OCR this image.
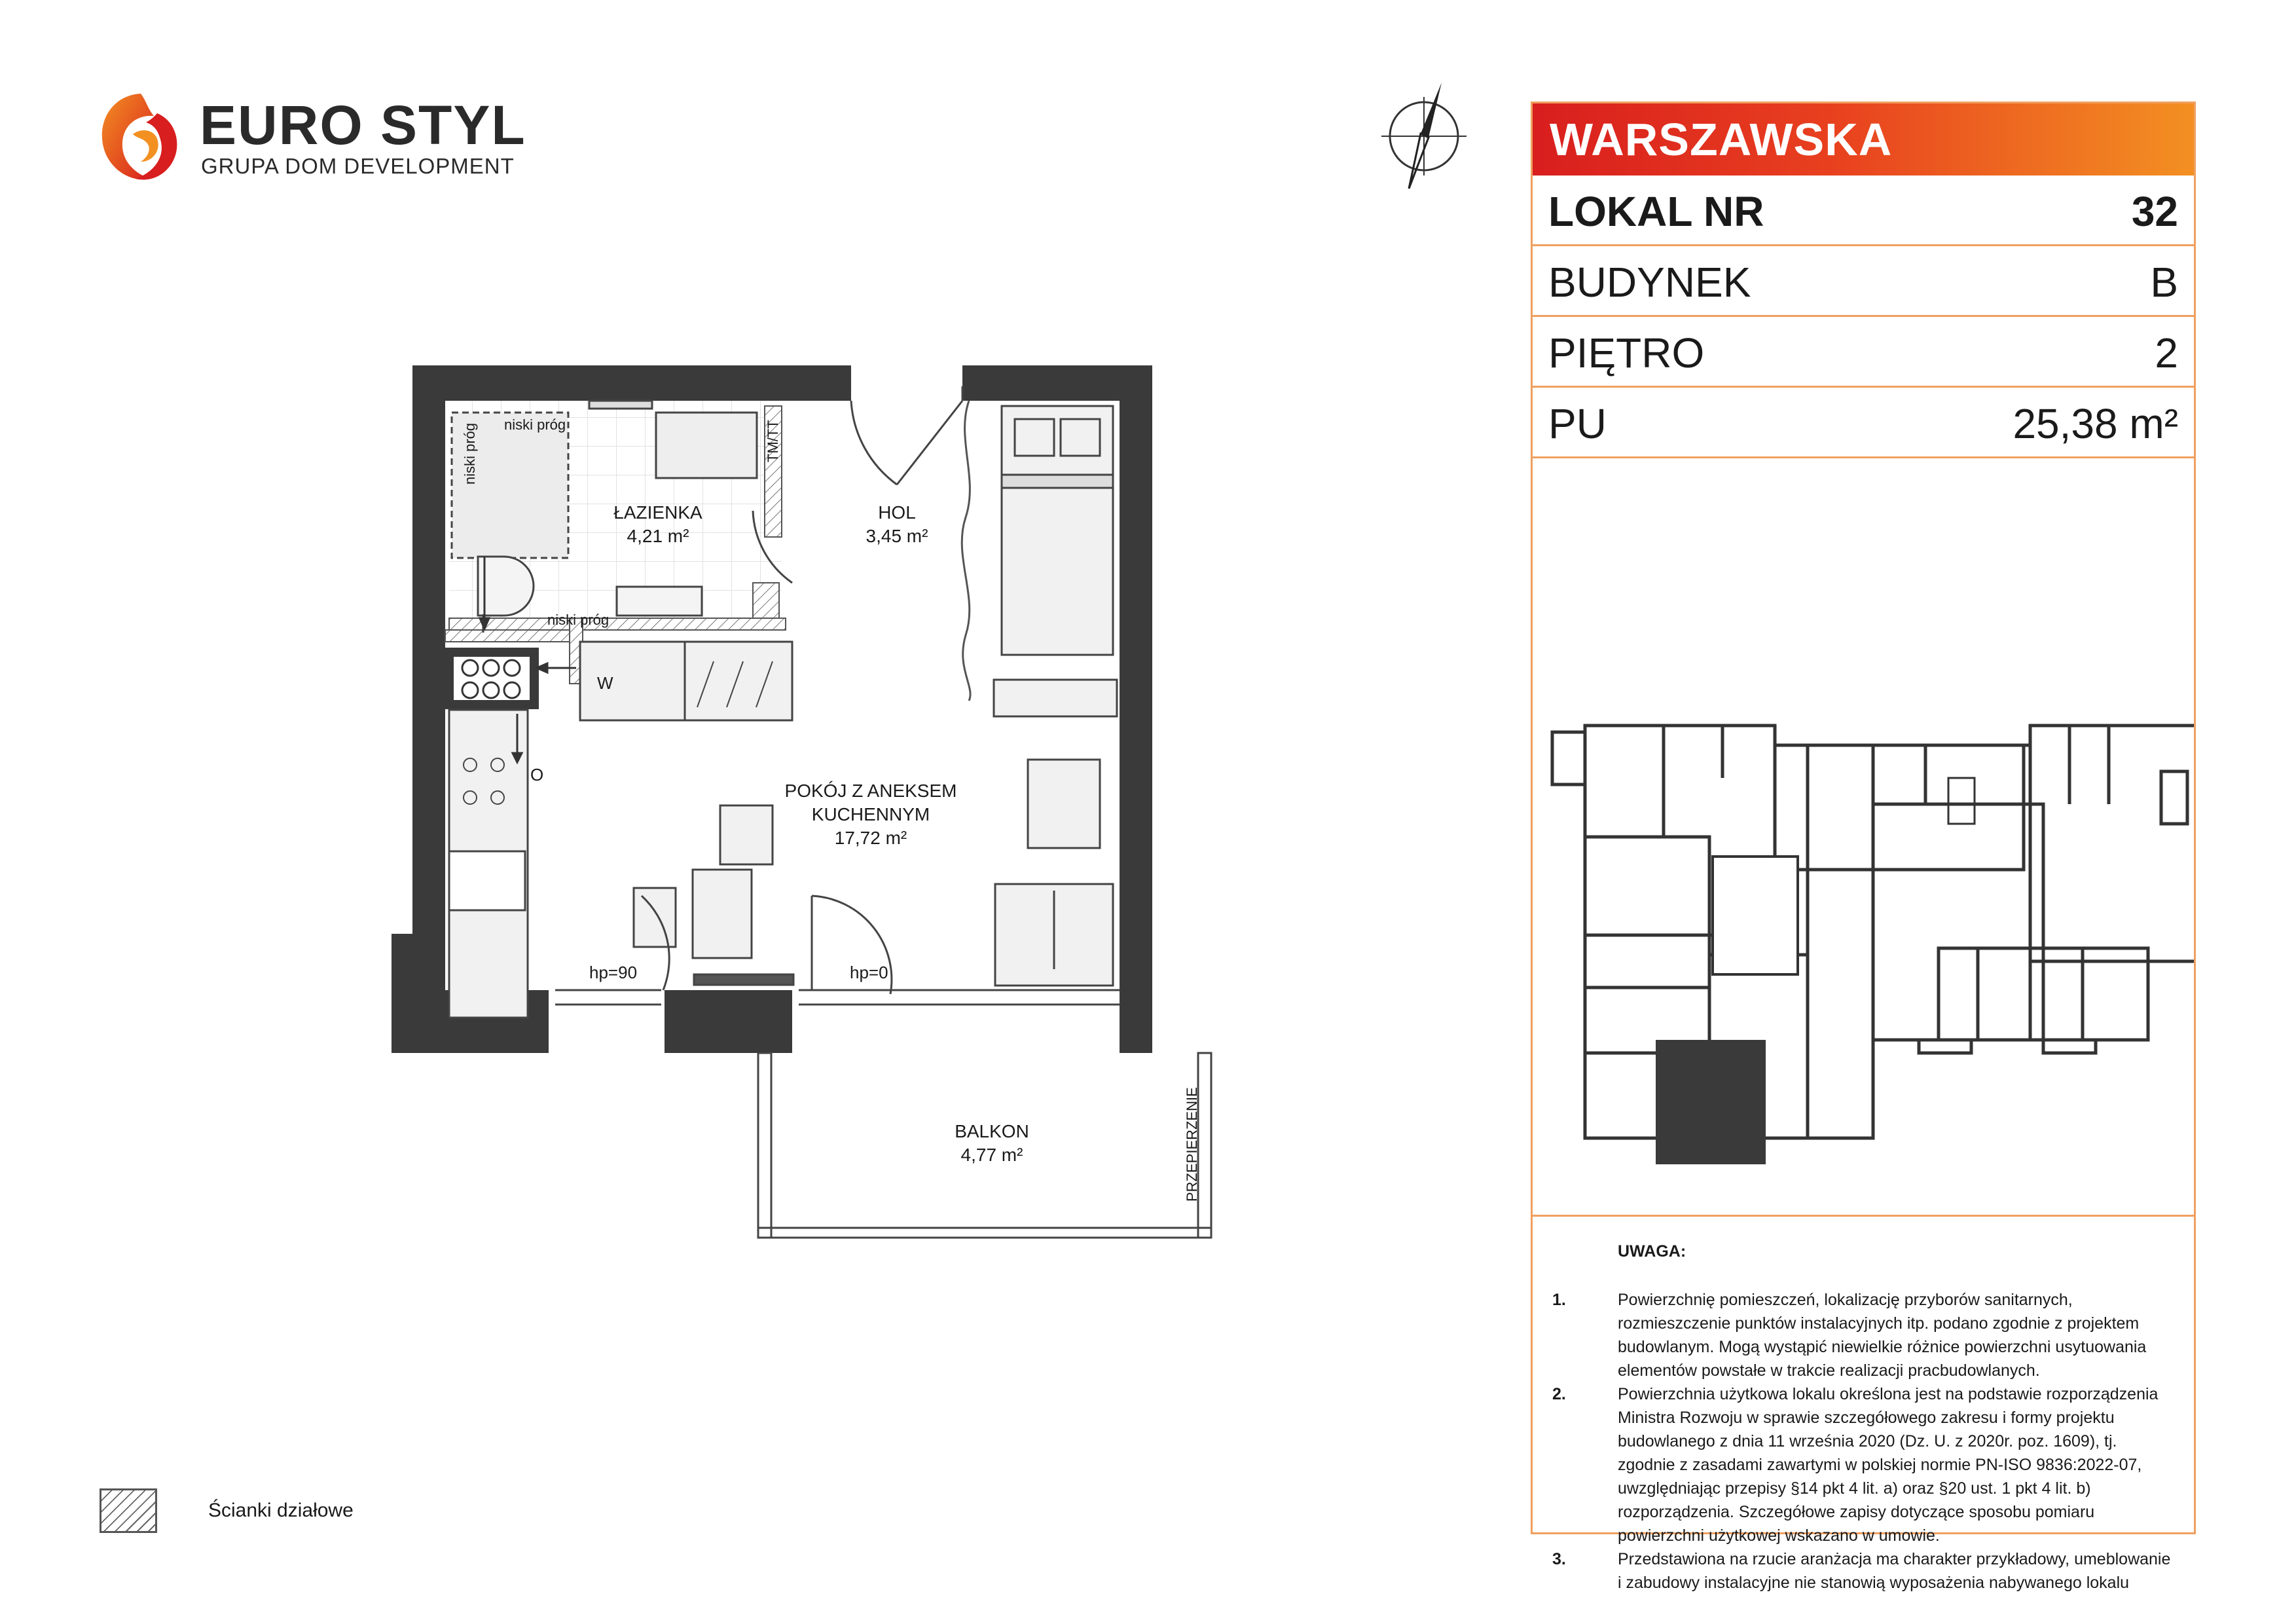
EURO STYL
GRUPA DOM DEVELOPMENT
ŁAZIENKA
4,21 m²
HOL
3,45 m²
POKÓJ Z ANEKSEM
KUCHENNYM
17,72 m²
BALKON
4,77 m²
niski próg
niski próg
niski próg
TM/TT
W
O
hp=90	hp=0
PRZEPIERZENIE
WARSZAWSKA
LOKAL NR	32
BUDYNEK	B
PIĘTRO	2
PU	25,38 m²
UWAGA:
1.	Powierzchnię pomieszczeń, lokalizację przyborów sanitarnych, rozmieszczenie punktów instalacyjnych itp. podano zgodnie z projektem budowlanym. Mogą wystąpić niewielkie różnice powierzchni usytuowania elementów powstałe w trakcie realizacji pracbudowlanych.
2.	Powierzchnia użytkowa lokalu określona jest na podstawie rozporządzenia Ministra Rozwoju w sprawie szczegółowego zakresu i formy projektu budowlanego z dnia 11 września 2020 (Dz. U. z 2020r. poz. 1609), tj. zgodnie z zasadami zawartymi w polskiej normie PN-ISO 9836:2022-07, uwzględniając przepisy §14 pkt 4 lit. a) oraz §20 ust. 1 pkt 4 lit. b) rozporządzenia. Szczegółowe zapisy dotyczące sposobu pomiaru powierzchni użytkowej wskazano w umowie.
3.	Przedstawiona na rzucie aranżacja ma charakter przykładowy, umeblowanie i zabudowy instalacyjne nie stanowią wyposażenia nabywanego lokalu
Ścianki działowe
